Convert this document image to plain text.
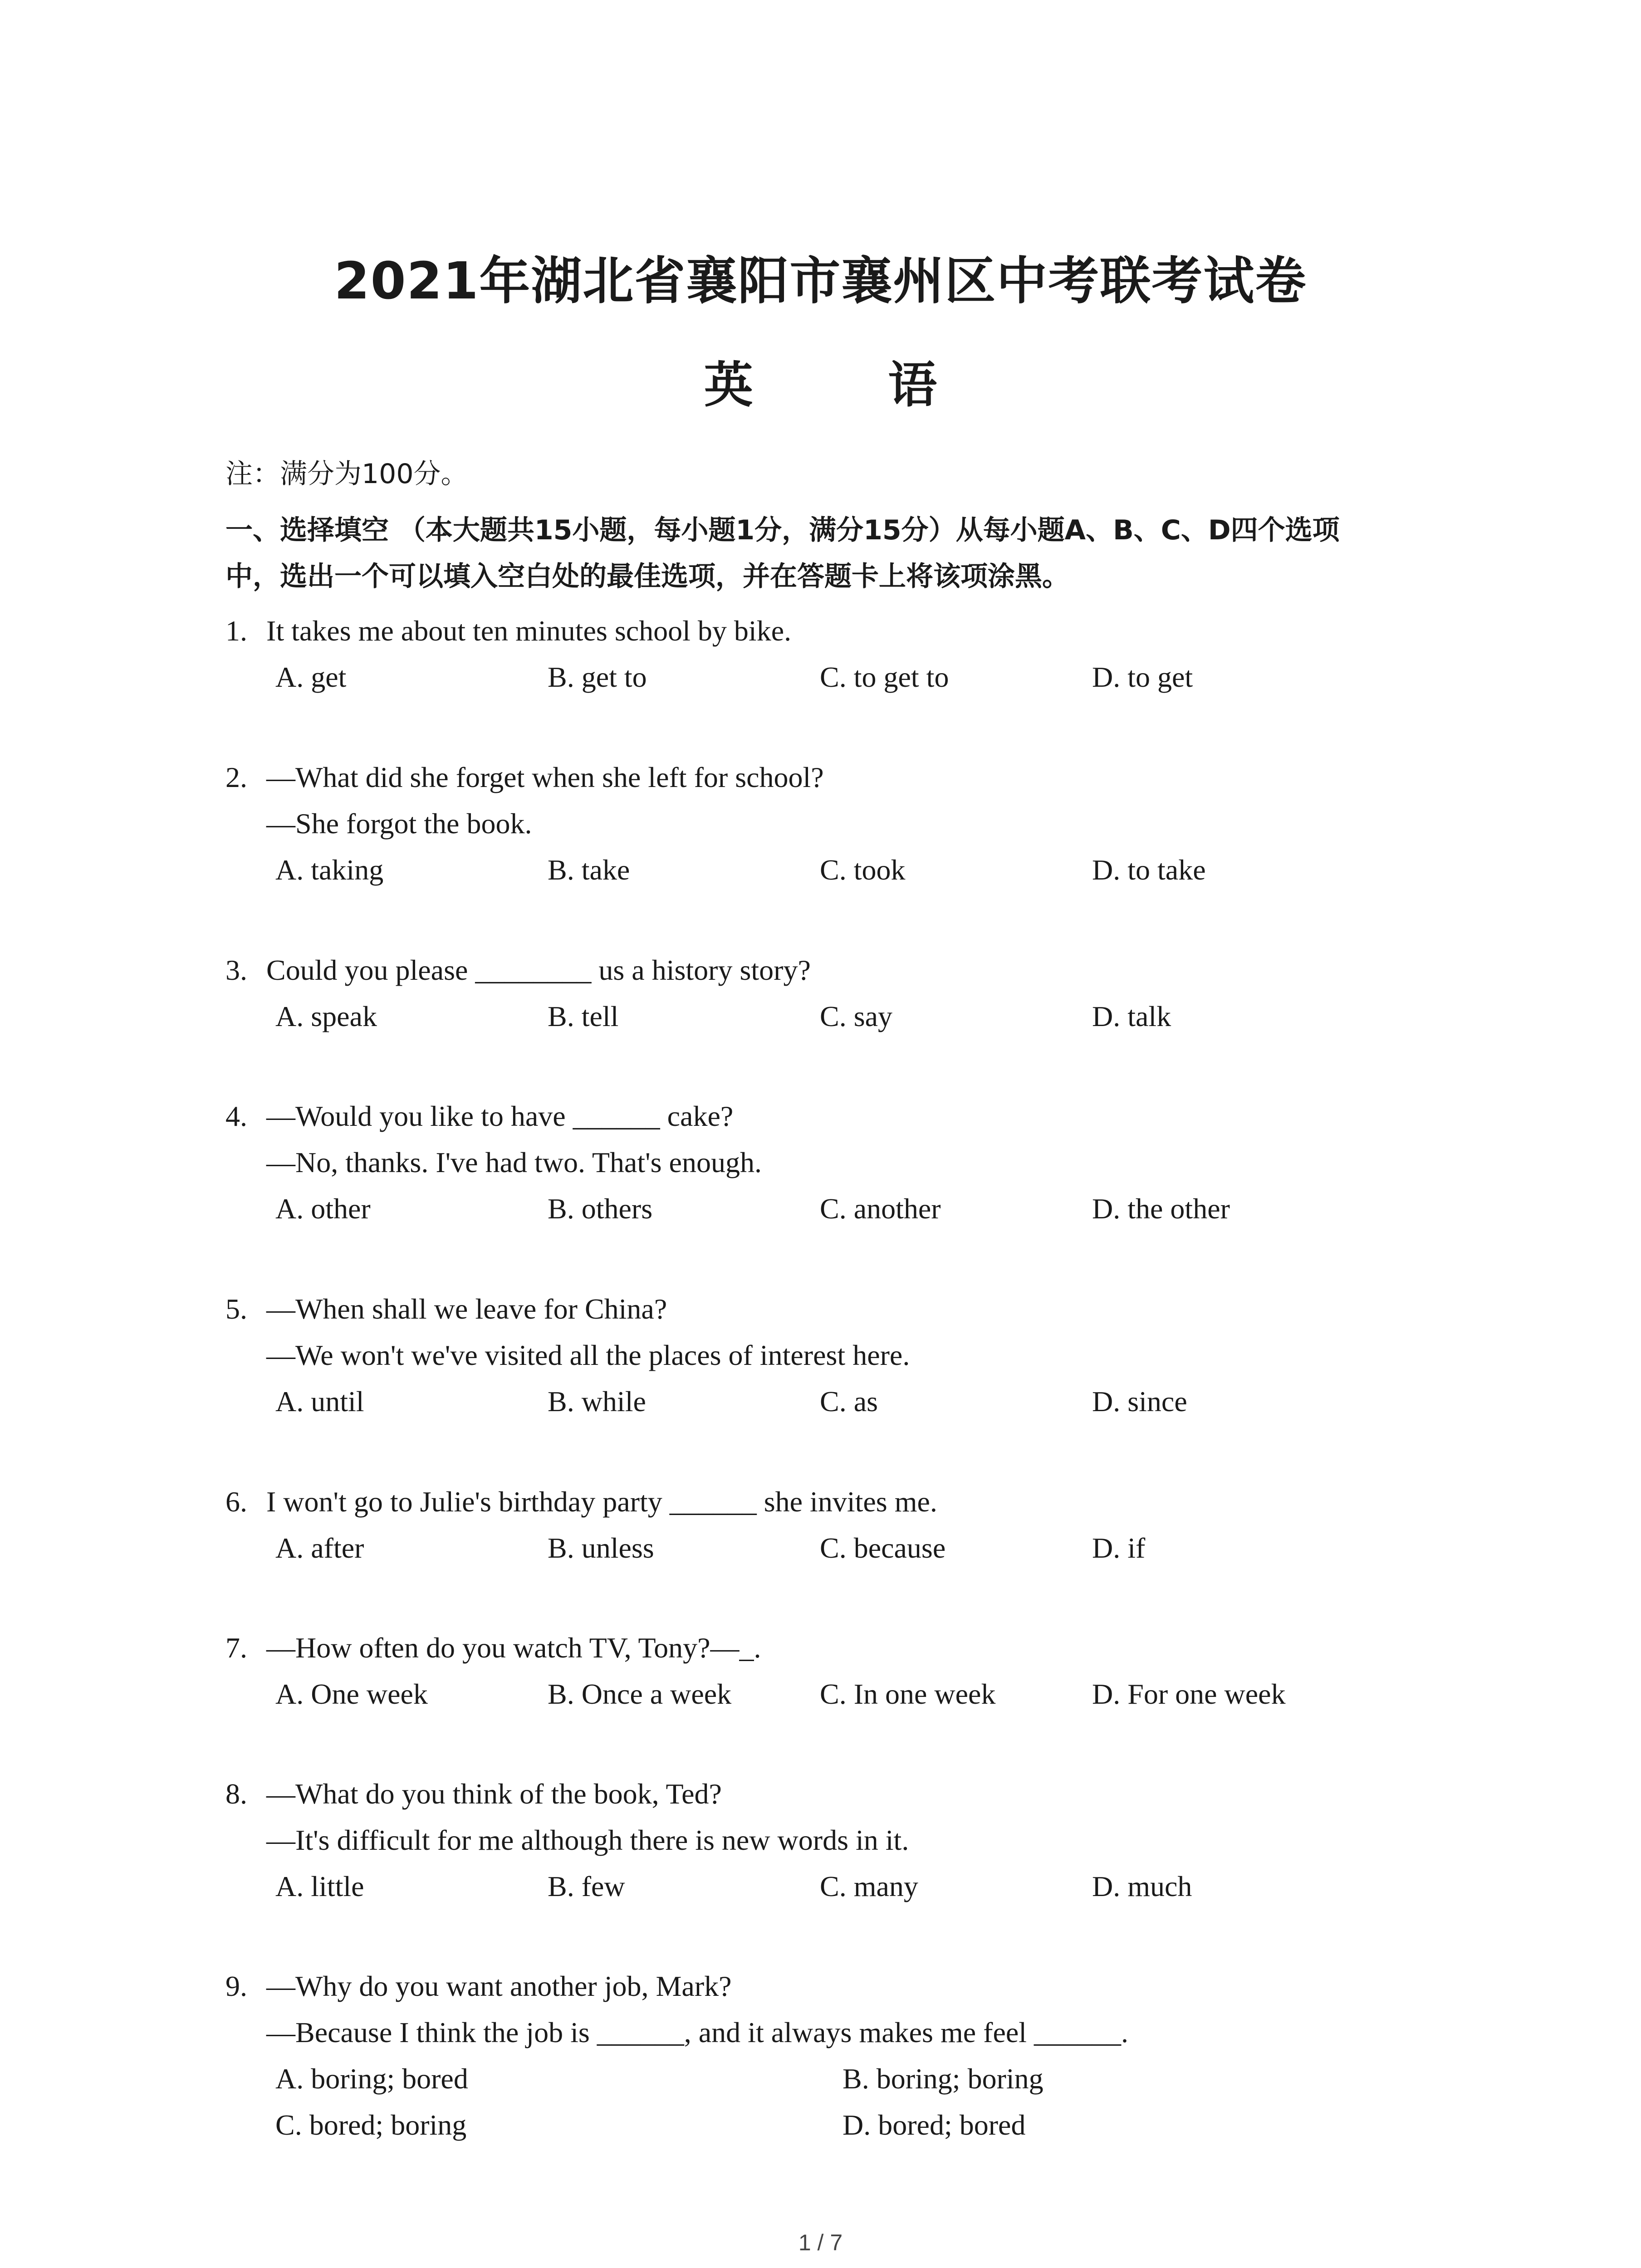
2021年湖北省襄阳市襄州区中考联考试卷
英 语
注：满分为100分。
一、选择填空 （本大题共15小题，每小题1分，满分15分）从每小题A、B、C、D四个选项
中，选出一个可以填入空白处的最佳选项，并在答题卡上将该项涂黑。
1. It takes me about ten minutes school by bike.
A. get	B. get to	C. to get to	D. to get
2. —What did she forget when she left for school?
—She forgot the book.
A. taking	B. take	C. took	D. to take
3. Could you please ________ us a history story?
A. speak	B. tell	C. say	D. talk
4. —Would you like to have ______ cake?
—No, thanks. I've had two. That's enough.
A. other	B. others	C. another	D. the other
5. —When shall we leave for China?
—We won't we've visited all the places of interest here.
A. until	B. while	C. as	D. since
6. I won't go to Julie's birthday party ______ she invites me.
A. after	B. unless	C. because	D. if
7. —How often do you watch TV, Tony?—_.
A. One week	B. Once a week	C. In one week	D. For one week
8. —What do you think of the book, Ted?
—It's difficult for me although there is new words in it.
A. little	B. few	C. many	D. much
9. —Why do you want another job, Mark?
—Because I think the job is ______, and it always makes me feel ______.
A. boring; bored	B. boring; boring
C. bored; boring	D. bored; bored
1 / 7
